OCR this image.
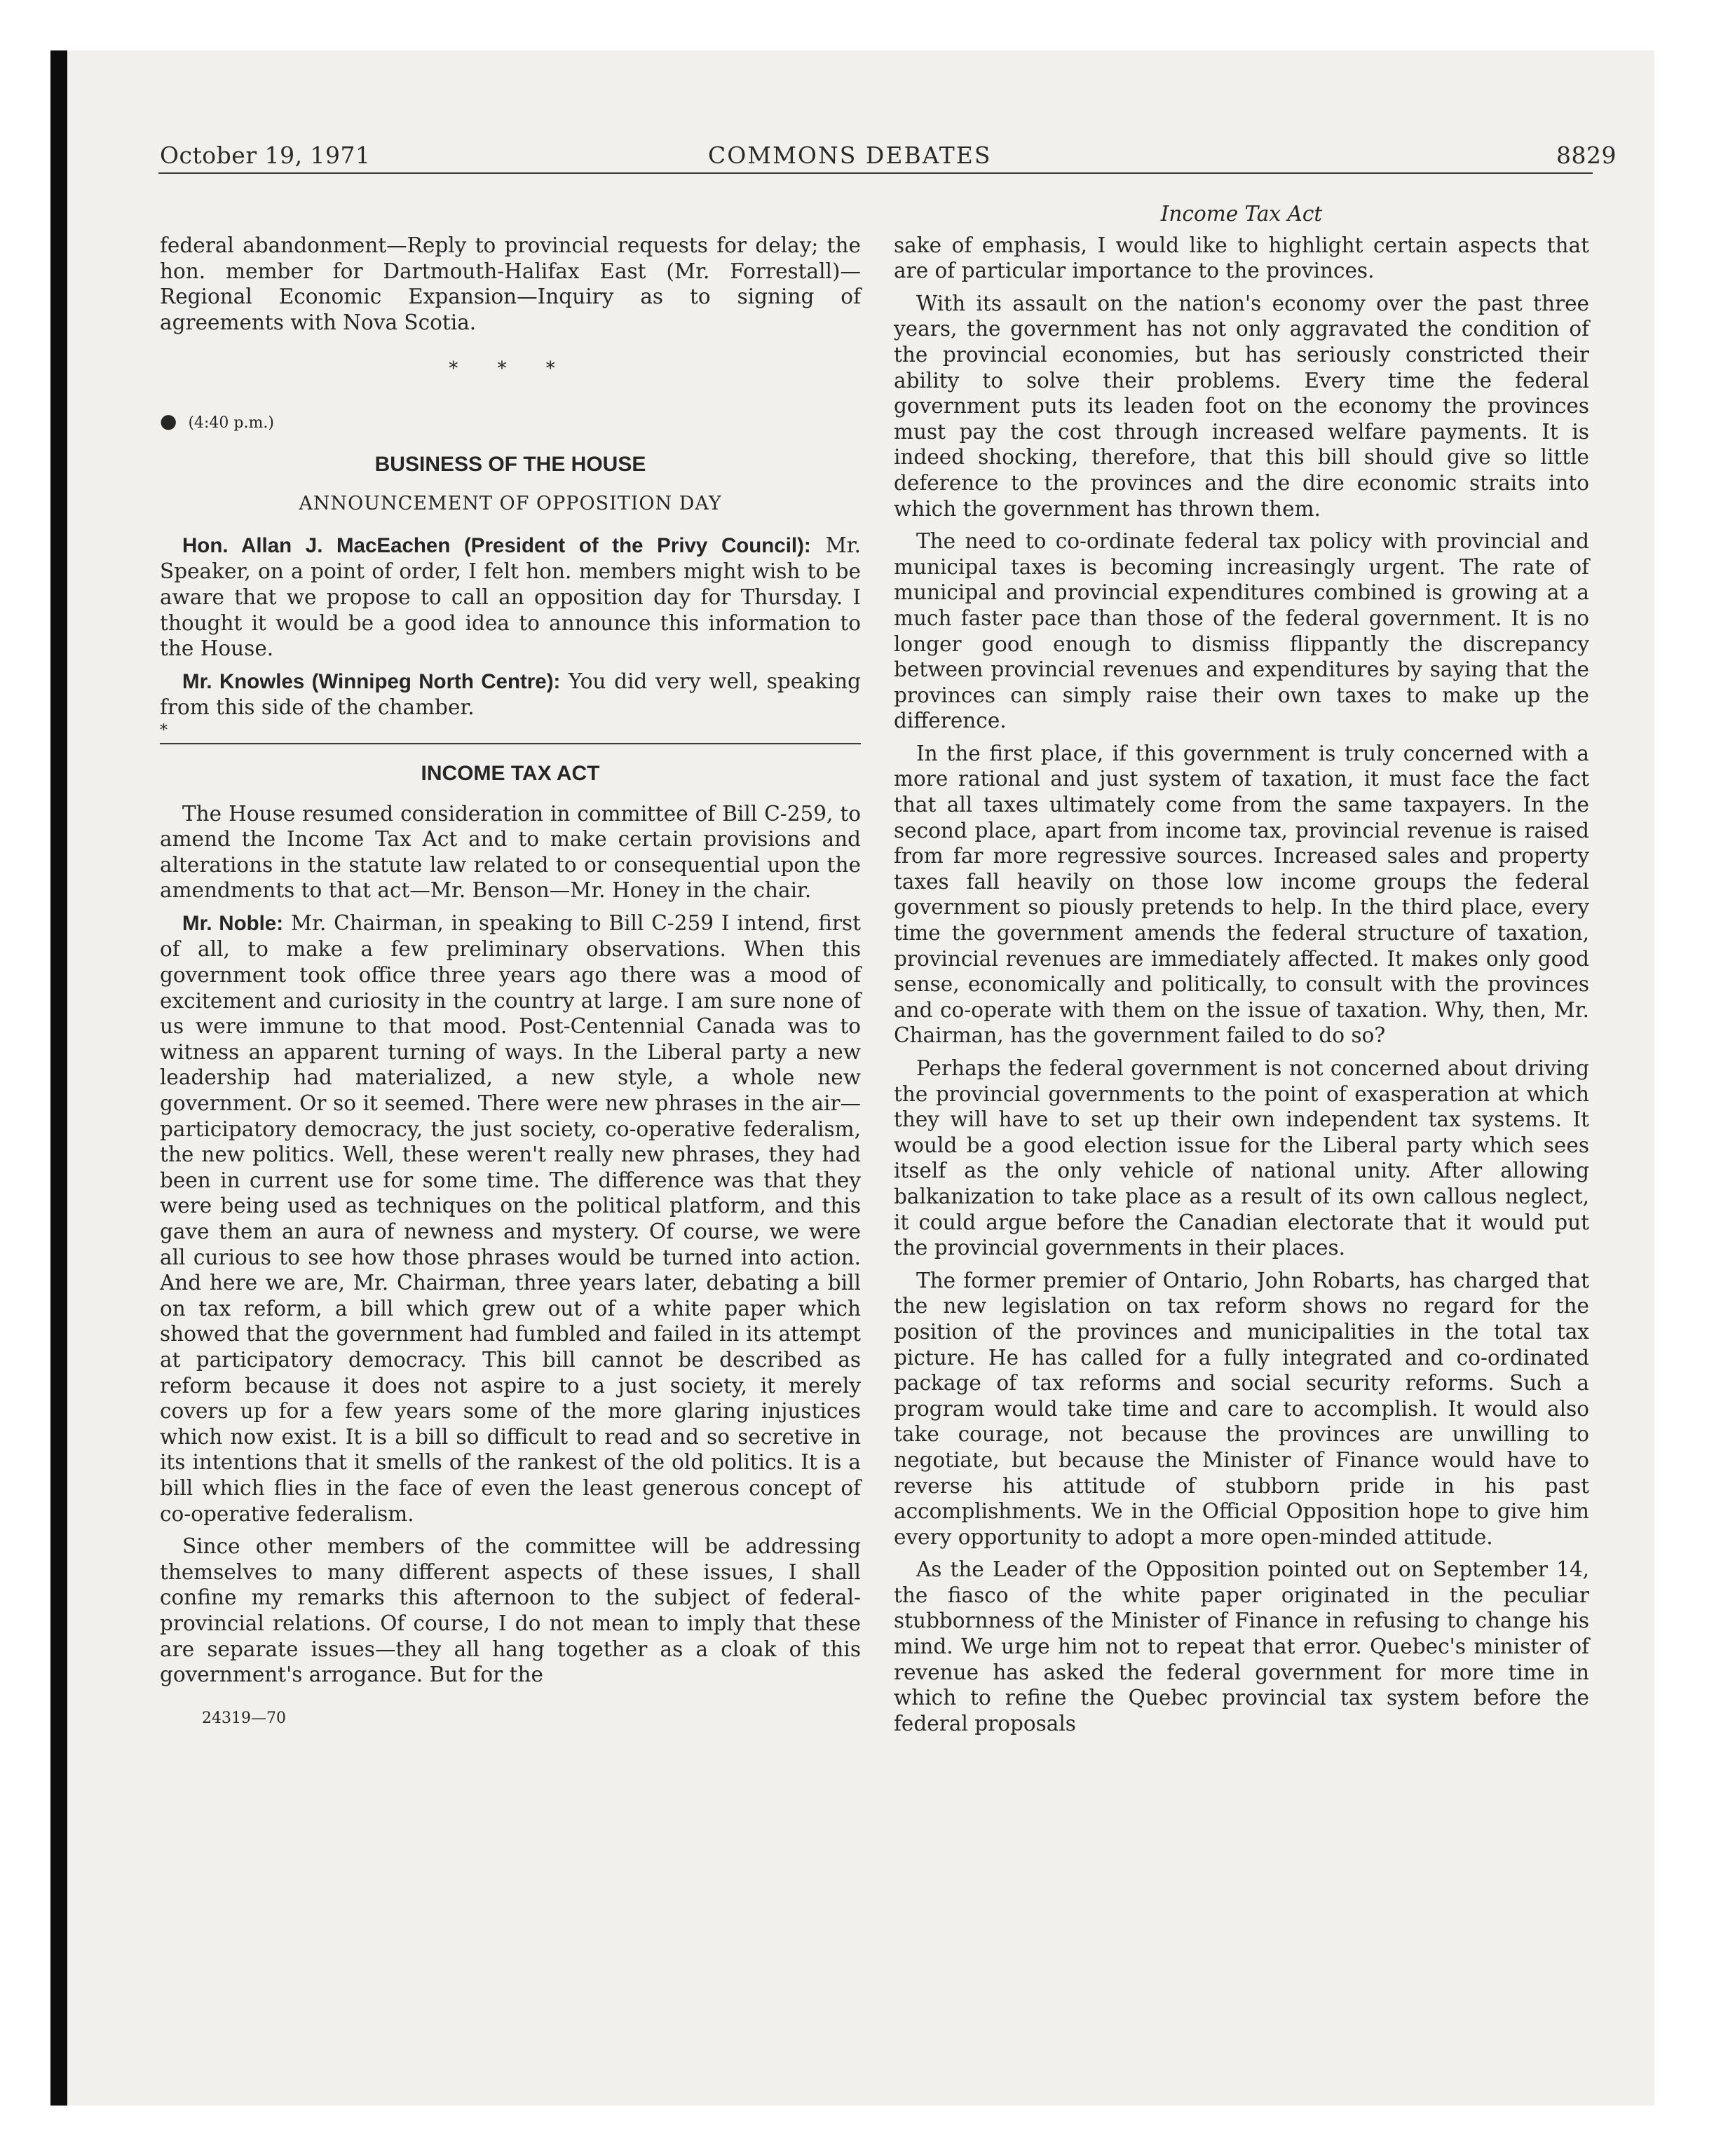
October 19, 1971	COMMONS DEBATES	8829

federal abandonment—Reply to provincial requests for delay; the hon. member for Dartmouth-Halifax East (Mr. Forrestall)—Regional Economic Expansion—Inquiry as to signing of agreements with Nova Scotia.

* * *
● (4:40 p.m.)
BUSINESS OF THE HOUSE
ANNOUNCEMENT OF OPPOSITION DAY

Hon. Allan J. MacEachen (President of the Privy Council): Mr. Speaker, on a point of order, I felt hon. members might wish to be aware that we propose to call an opposition day for Thursday. I thought it would be a good idea to announce this information to the House.

Mr. Knowles (Winnipeg North Centre): You did very well, speaking from this side of the chamber.

*
INCOME TAX ACT

The House resumed consideration in committee of Bill C-259, to amend the Income Tax Act and to make certain provisions and alterations in the statute law related to or consequential upon the amendments to that act—Mr. Benson—Mr. Honey in the chair.

Mr. Noble: Mr. Chairman, in speaking to Bill C-259 I intend, first of all, to make a few preliminary observations. When this government took office three years ago there was a mood of excitement and curiosity in the country at large. I am sure none of us were immune to that mood. Post-Centennial Canada was to witness an apparent turning of ways. In the Liberal party a new leadership had materialized, a new style, a whole new government. Or so it seemed. There were new phrases in the air—participatory democracy, the just society, co-operative federalism, the new politics. Well, these weren't really new phrases, they had been in current use for some time. The difference was that they were being used as techniques on the political platform, and this gave them an aura of newness and mystery. Of course, we were all curious to see how those phrases would be turned into action. And here we are, Mr. Chairman, three years later, debating a bill on tax reform, a bill which grew out of a white paper which showed that the government had fumbled and failed in its attempt at participatory democracy. This bill cannot be described as reform because it does not aspire to a just society, it merely covers up for a few years some of the more glaring injustices which now exist. It is a bill so difficult to read and so secretive in its intentions that it smells of the rankest of the old politics. It is a bill which flies in the face of even the least generous concept of co-operative federalism.

Since other members of the committee will be addressing themselves to many different aspects of these issues, I shall confine my remarks this afternoon to the subject of federal-provincial relations. Of course, I do not mean to imply that these are separate issues—they all hang together as a cloak of this government's arrogance. But for the

24319—70
Income Tax Act

sake of emphasis, I would like to highlight certain aspects that are of particular importance to the provinces.

With its assault on the nation's economy over the past three years, the government has not only aggravated the condition of the provincial economies, but has seriously constricted their ability to solve their problems. Every time the federal government puts its leaden foot on the economy the provinces must pay the cost through increased welfare payments. It is indeed shocking, therefore, that this bill should give so little deference to the provinces and the dire economic straits into which the government has thrown them.

The need to co-ordinate federal tax policy with provincial and municipal taxes is becoming increasingly urgent. The rate of municipal and provincial expenditures combined is growing at a much faster pace than those of the federal government. It is no longer good enough to dismiss flippantly the discrepancy between provincial revenues and expenditures by saying that the provinces can simply raise their own taxes to make up the difference.

In the first place, if this government is truly concerned with a more rational and just system of taxation, it must face the fact that all taxes ultimately come from the same taxpayers. In the second place, apart from income tax, provincial revenue is raised from far more regressive sources. Increased sales and property taxes fall heavily on those low income groups the federal government so piously pretends to help. In the third place, every time the government amends the federal structure of taxation, provincial revenues are immediately affected. It makes only good sense, economically and politically, to consult with the provinces and co-operate with them on the issue of taxation. Why, then, Mr. Chairman, has the government failed to do so?

Perhaps the federal government is not concerned about driving the provincial governments to the point of exasperation at which they will have to set up their own independent tax systems. It would be a good election issue for the Liberal party which sees itself as the only vehicle of national unity. After allowing balkanization to take place as a result of its own callous neglect, it could argue before the Canadian electorate that it would put the provincial governments in their places.

The former premier of Ontario, John Robarts, has charged that the new legislation on tax reform shows no regard for the position of the provinces and municipalities in the total tax picture. He has called for a fully integrated and co-ordinated package of tax reforms and social security reforms. Such a program would take time and care to accomplish. It would also take courage, not because the provinces are unwilling to negotiate, but because the Minister of Finance would have to reverse his attitude of stubborn pride in his past accomplishments. We in the Official Opposition hope to give him every opportunity to adopt a more open-minded attitude.

As the Leader of the Opposition pointed out on September 14, the fiasco of the white paper originated in the peculiar stubbornness of the Minister of Finance in refusing to change his mind. We urge him not to repeat that error. Quebec's minister of revenue has asked the federal government for more time in which to refine the Quebec provincial tax system before the federal proposals
